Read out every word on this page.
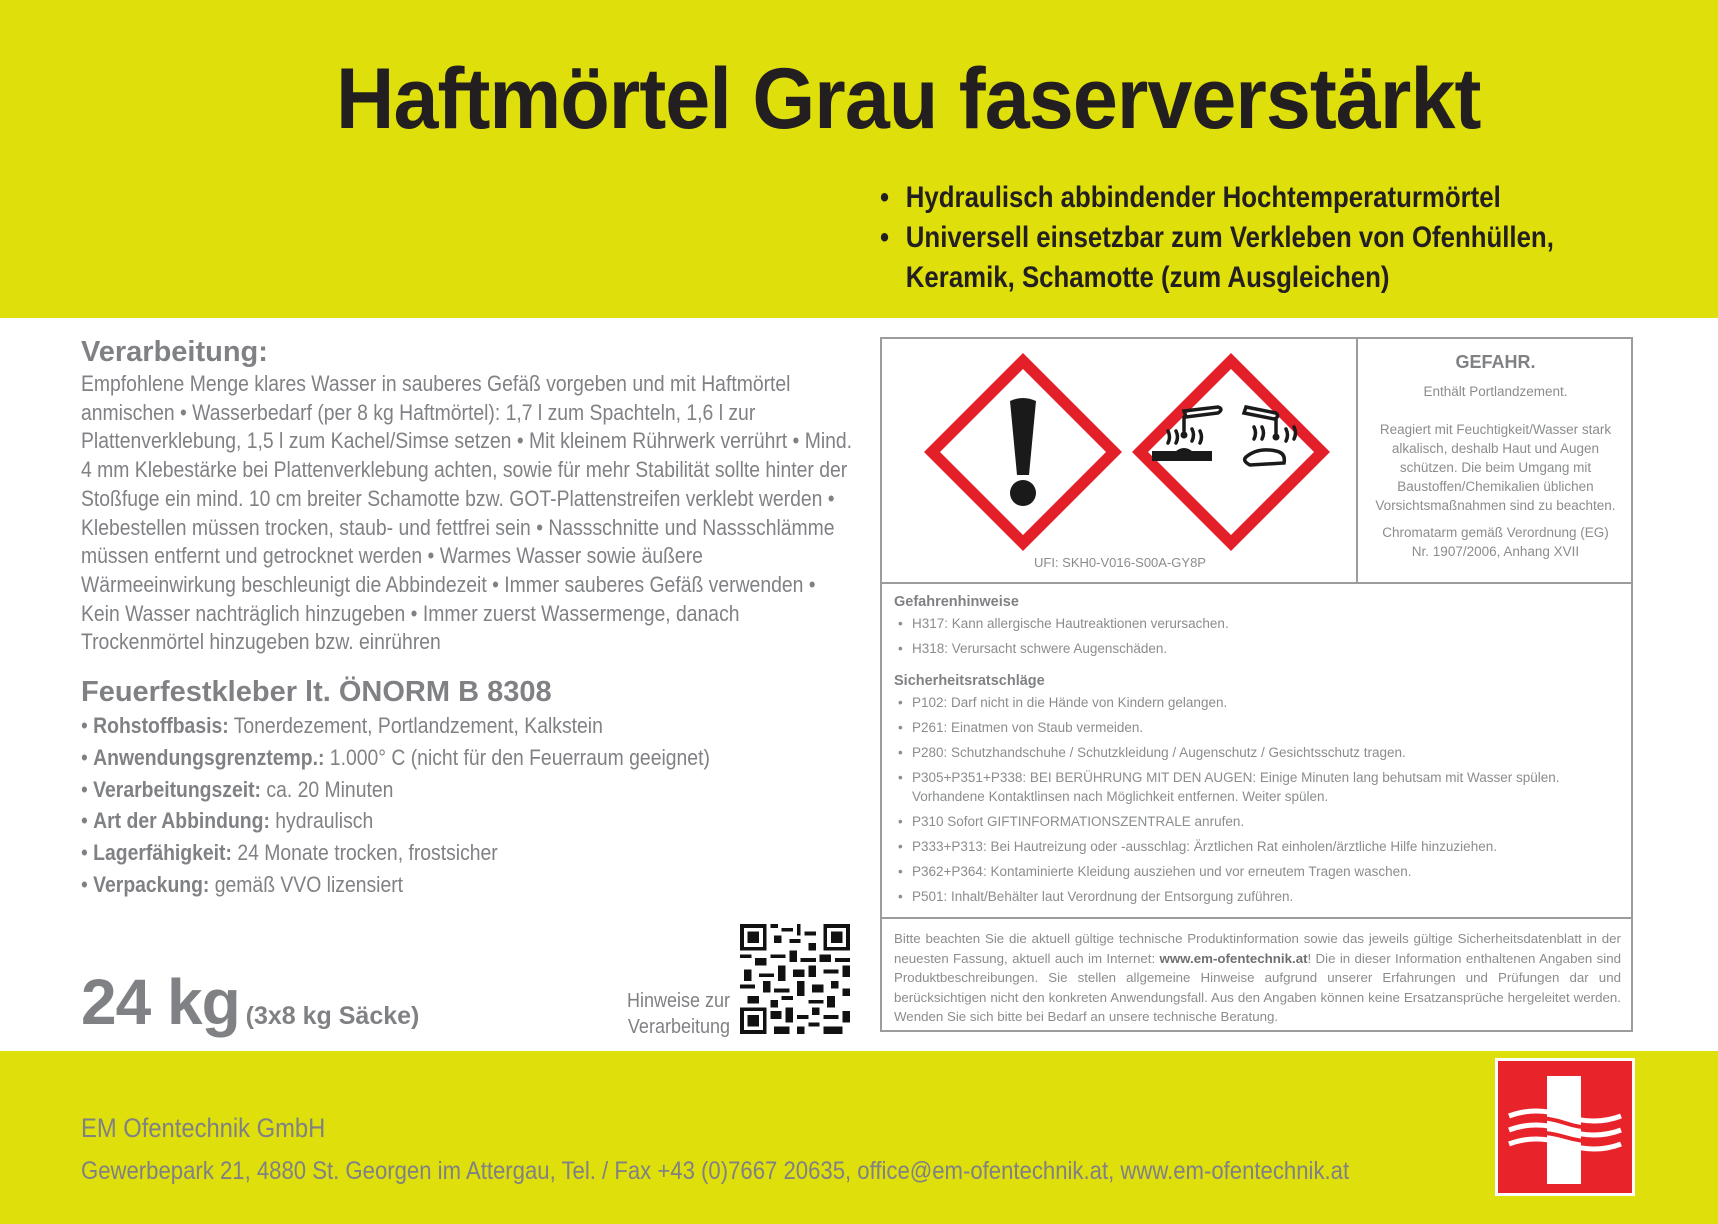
Haftmörtel Grau faserverstärkt
• Hydraulisch abbindender Hochtemperaturmörtel
• Universell einsetzbar zum Verkleben von Ofenhüllen,
Keramik, Schamotte (zum Ausgleichen)
Verarbeitung:

Empfohlene Menge klares Wasser in sauberes Gefäß vorgeben und mit Haftmörtel anmischen • Wasserbedarf (per 8 kg Haftmörtel): 1,7 l zum Spachteln, 1,6 l zur Plattenverklebung, 1,5 l zum Kachel/Simse setzen • Mit kleinem Rührwerk verrührt • Mind. 4 mm Klebestärke bei Plattenverklebung achten, sowie für mehr Stabilität sollte hinter der Stoßfuge ein mind. 10 cm breiter Schamotte bzw. GOT-Plattenstreifen verklebt werden • Klebestellen müssen trocken, staub- und fettfrei sein • Nassschnitte und Nassschlämme müssen entfernt und getrocknet werden • Warmes Wasser sowie äußere Wärmeeinwirkung beschleunigt die Abbindezeit • Immer sauberes Gefäß verwenden • Kein Wasser nachträglich hinzugeben • Immer zuerst Wassermenge, danach Trockenmörtel hinzugeben bzw. einrühren

Feuerfestkleber lt. ÖNORM B 8308
• Rohstoffbasis: Tonerdezement, Portlandzement, Kalkstein
• Anwendungsgrenztemp.: 1.000° C (nicht für den Feuerraum geeignet)
• Verarbeitungszeit: ca. 20 Minuten
• Art der Abbindung: hydraulisch
• Lagerfähigkeit: 24 Monate trocken, frostsicher
• Verpackung: gemäß VVO lizensiert
24 kg (3x8 kg Säcke)
Hinweise zur
Verarbeitung
UFI: SKH0-V016-S00A-GY8P
GEFAHR.

Enthält Portlandzement.

Reagiert mit Feuchtigkeit/Wasser stark alkalisch, deshalb Haut und Augen schützen. Die beim Umgang mit Baustoffen/Chemikalien üblichen Vorsichtsmaßnahmen sind zu beachten.

Chromatarm gemäß Verordnung (EG) Nr. 1907/2006, Anhang XVII

Gefahrenhinweise
• H317: Kann allergische Hautreaktionen verursachen.
• H318: Verursacht schwere Augenschäden.
Sicherheitsratschläge
• P102: Darf nicht in die Hände von Kindern gelangen.
• P261: Einatmen von Staub vermeiden.
• P280: Schutzhandschuhe / Schutzkleidung / Augenschutz / Gesichtsschutz tragen.
• P305+P351+P338: BEI BERÜHRUNG MIT DEN AUGEN: Einige Minuten lang behutsam mit Wasser spülen. Vorhandene Kontaktlinsen nach Möglichkeit entfernen. Weiter spülen.
• P310 Sofort GIFTINFORMATIONSZENTRALE anrufen.
• P333+P313: Bei Hautreizung oder -ausschlag: Ärztlichen Rat einholen/ärztliche Hilfe hinzuziehen.
• P362+P364: Kontaminierte Kleidung ausziehen und vor erneutem Tragen waschen.
• P501: Inhalt/Behälter laut Verordnung der Entsorgung zuführen.
Bitte beachten Sie die aktuell gültige technische Produktinformation sowie das jeweils gültige Sicherheitsdatenblatt in der neuesten Fassung, aktuell auch im Internet: www.em-ofentechnik.at! Die in dieser Information enthaltenen Angaben sind Produktbeschreibungen. Sie stellen allgemeine Hinweise aufgrund unserer Erfahrungen und Prüfungen dar und berücksichtigen nicht den konkreten Anwendungsfall. Aus den Angaben können keine Ersatzansprüche hergeleitet werden. Wenden Sie sich bitte bei Bedarf an unsere technische Beratung.
EM Ofentechnik GmbH
Gewerbepark 21, 4880 St. Georgen im Attergau, Tel. / Fax +43 (0)7667 20635, office@em-ofentechnik.at, www.em-ofentechnik.at
